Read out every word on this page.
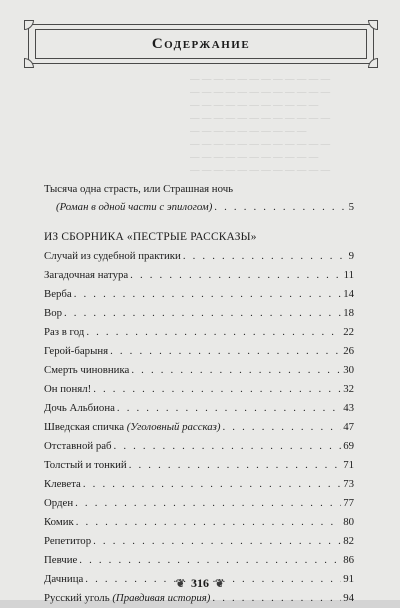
— — — — — — — — — — — —
— — — — — — — — — — — —
— — — — — — — — — — —
— — — — — — — — — — — —
— — — — — — — — — —
— — — — — — — — — — — —
— — — — — — — — — — —
— — — — — — — — — — — —
Содержание
Тысяча одна страсть, или Страшная ночь
(Роман в одной части с эпилогом) . . .	5
ИЗ СБОРНИКА «ПЕСТРЫЕ РАССКАЗЫ»
Случай из судебной практики . . .	9
Загадочная натура . . .	11
Верба . . .	14
Вор . . .	18
Раз в год . . .	22
Герой-барыня . . .	26
Смерть чиновника . . .	30
Он понял! . . .	32
Дочь Альбиона . . .	43
Шведская спичка (Уголовный рассказ) . . .	47
Отставной раб . . .	69
Толстый и тонкий . . .	71
Клевета . . .	73
Орден . . .	77
Комик . . .	80
Репетитор . . .	82
Певчие . . .	86
Дачница . . .	91
Русский уголь (Правдивая история) . . .	94
❦ 316 ❦
